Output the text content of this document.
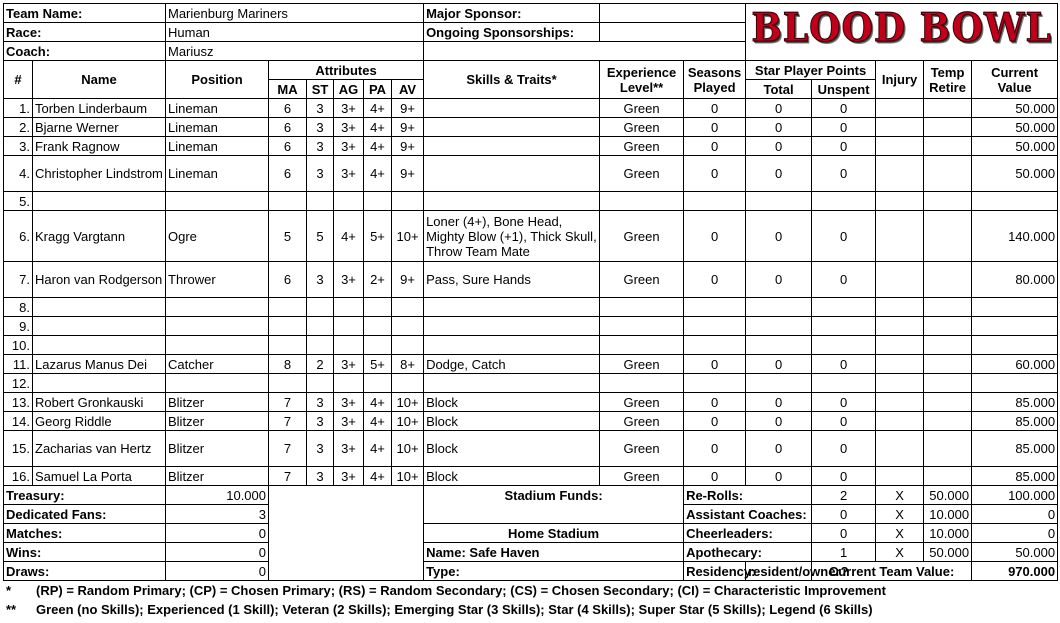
Team Name:		Marienburg Mariners						Major Sponsor:			BLOOD BOWL				
Race:		Human						Ongoing Sponsorships:							
Coach:		Mariusz													
#	Name	Position	Attributes					Skills & Traits*	Experience Level**	Seasons Played	Star Player Points		Injury	Temp Retire	Current Value
			MA	ST	AG	PA	AV				Total	Unspent			
1.	Torben Linderbaum	Lineman	6	3	3+	4+	9+		Green	0	0	0			50.000
2.	Bjarne Werner	Lineman	6	3	3+	4+	9+		Green	0	0	0			50.000
3.	Frank Ragnow	Lineman	6	3	3+	4+	9+		Green	0	0	0			50.000
4.	Christopher Lindstrom	Lineman	6	3	3+	4+	9+		Green	0	0	0			50.000
5.															
6.	Kragg Vargtann	Ogre	5	5	4+	5+	10+	Loner (4+), Bone Head, Mighty Blow (+1), Thick Skull, Throw Team Mate	Green	0	0	0			140.000
7.	Haron van Rodgerson	Thrower	6	3	3+	2+	9+	Pass, Sure Hands	Green	0	0	0			80.000
8.															
9.															
10.															
11.	Lazarus Manus Dei	Catcher	8	2	3+	5+	8+	Dodge, Catch	Green	0	0	0			60.000
12.															
13.	Robert Gronkauski	Blitzer	7	3	3+	4+	10+	Block	Green	0	0	0			85.000
14.	Georg Riddle	Blitzer	7	3	3+	4+	10+	Block	Green	0	0	0			85.000
15.	Zacharias van Hertz	Blitzer	7	3	3+	4+	10+	Block	Green	0	0	0			85.000
16.	Samuel La Porta	Blitzer	7	3	3+	4+	10+	Block	Green	0	0	0			85.000
Treasury:		10.000						Stadium Funds:		Re-Rolls:		2	X	50.000	100.000
Dedicated Fans:		3								Assistant Coaches:		0	X	10.000	0
Matches:		0						Home Stadium		Cheerleaders:		0	X	10.000	0
Wins:		0						Name: Safe Haven		Apothecary:		1	X	50.000	50.000
Draws:		0						Type:		Residency:	resident/owner?	Current Team Value:			970.000
*	(RP) = Random Primary; (CP) = Chosen Primary; (RS) = Random Secondary; (CS) = Chosen Secondary; (CI) = Characteristic Improvement
**	Green (no Skills); Experienced (1 Skill); Veteran (2 Skills); Emerging Star (3 Skills); Star (4 Skills); Super Star (5 Skills); Legend (6 Skills)
